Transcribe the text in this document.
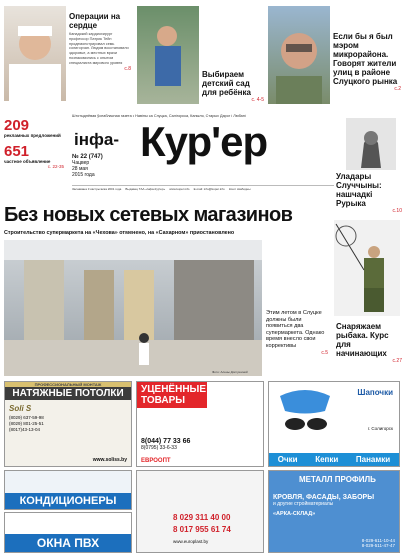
Операции на сердце
Канадский кардиохирург профессор Патрик Тейн продемонстрировал семь солигорчан. Людям восстановили здоровье, а местных врачи познакомились с опытом специалиста мирового уровня
с.8
Выбираем детский сад для ребёнка
с. 4-5
Если бы я был мэром микрорайона. Говорят жители улиц в районе Слуцкого рынка
с.2
209
рекламных предложений
651
частное объявление
с. 22-35
Штотыднёвая ўсеабласная газета • Навіны са Слуцка, Салігорска, Капыля, Старых Дарог і Любані
інфа- Кур'ер
№ 22 (747)
Чацвер
28 мая
2015 года
Заснавана 3 кастрычніка 2001 года     Выдавец ТАА «Інфа-Кур'ер»     www.kuper.info     E-mail: info@kuper.info     Кошт свабодны
Уладары Случчыны: нашчадкі Рурыка
с.10
Без новых сетевых магазинов
Строительство супермаркета на «Чехова» отменено, на «Сахарном» приостановлено
Фото: Алены Долгушиной
Этим летом в Слуцке должны были появиться два супермаркета. Однако время внесло свои коррективы
с.5
Снаряжаем рыбака. Курс для начинающих
с.27
ПРОФЕССИОНАЛЬНЫЙ МОНТАЖ
НАТЯЖНЫЕ ПОТОЛКИ
Soli S
(8029) 637-59-98
(8029) 801-25-51
(8017)43-13-04
www.soliss.by
УЦЕНЁННЫЕ ТОВАРЫ
8(044) 77 33 66
8(0795) 33-6-33
ЕВРООПТ
Шапочки
г. Солигорск
Очки Кепки Панамки
КОНДИЦИОНЕРЫ
ОКНА ПВХ
8 029 311 40 00
8 017 955 61 74
www.europlast.by
МЕТАЛЛ ПРОФИЛЬ
КРОВЛЯ, ФАСАДЫ, ЗАБОРЫ
и другие стройматериалы
«АРКА-СКЛАД»
8-029-611-10-44
8-029-511-47-47
